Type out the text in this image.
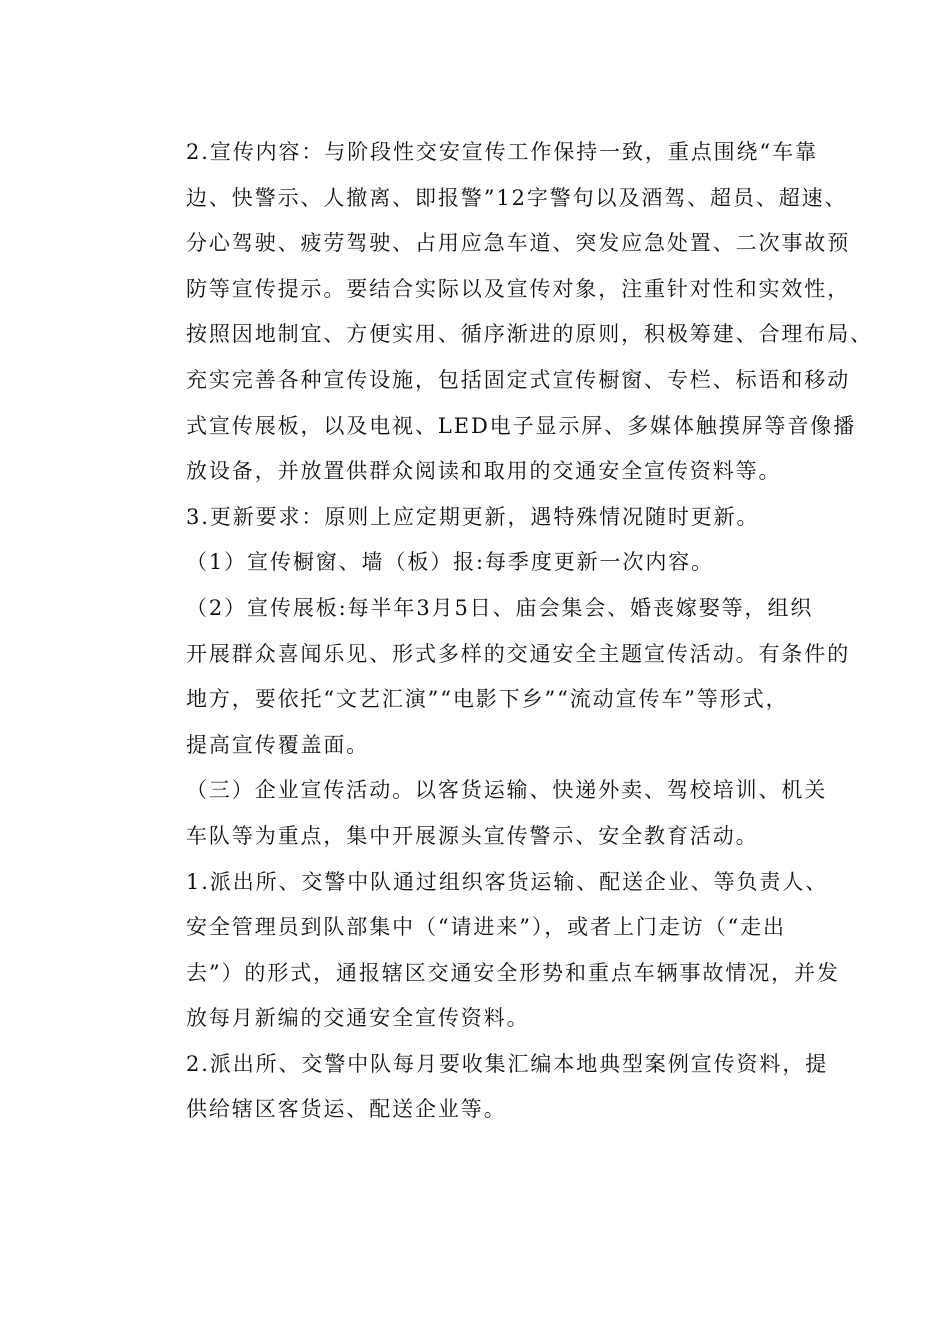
2.宣传内容：与阶段性交安宣传工作保持一致，重点围绕“车靠
边、快警示、人撤离、即报警”12字警句以及酒驾、超员、超速、
分心驾驶、疲劳驾驶、占用应急车道、突发应急处置、二次事故预
防等宣传提示。要结合实际以及宣传对象，注重针对性和实效性，
按照因地制宜、方便实用、循序渐进的原则，积极筹建、合理布局、
充实完善各种宣传设施，包括固定式宣传橱窗、专栏、标语和移动
式宣传展板，以及电视、LED电子显示屏、多媒体触摸屏等音像播
放设备，并放置供群众阅读和取用的交通安全宣传资料等。

3.更新要求：原则上应定期更新，遇特殊情况随时更新。

（1）宣传橱窗、墙（板）报:每季度更新一次内容。

（2）宣传展板:每半年3月5日、庙会集会、婚丧嫁娶等，组织
开展群众喜闻乐见、形式多样的交通安全主题宣传活动。有条件的
地方，要依托“文艺汇演”“电影下乡”“流动宣传车”等形式，
提高宣传覆盖面。

（三）企业宣传活动。以客货运输、快递外卖、驾校培训、机关
车队等为重点，集中开展源头宣传警示、安全教育活动。

1.派出所、交警中队通过组织客货运输、配送企业、等负责人、
安全管理员到队部集中（“请进来”），或者上门走访（“走出
去”）的形式，通报辖区交通安全形势和重点车辆事故情况，并发
放每月新编的交通安全宣传资料。

2.派出所、交警中队每月要收集汇编本地典型案例宣传资料，提
供给辖区客货运、配送企业等。
